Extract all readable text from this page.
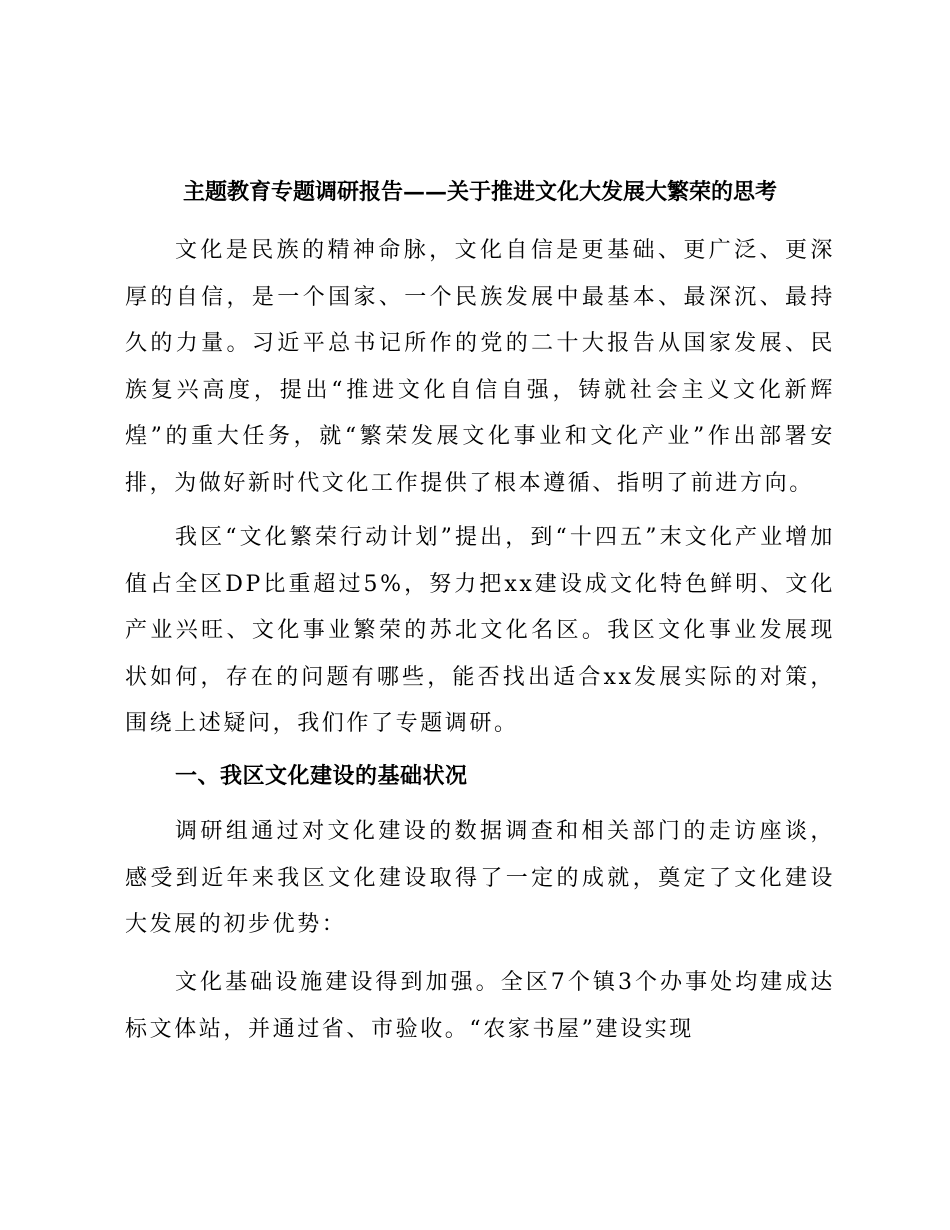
主题教育专题调研报告——关于推进文化大发展大繁荣的思考

文化是民族的精神命脉，文化自信是更基础、更广泛、更深厚的自信，是一个国家、一个民族发展中最基本、最深沉、最持久的力量。习近平总书记所作的党的二十大报告从国家发展、民族复兴高度，提出“推进文化自信自强，铸就社会主义文化新辉煌”的重大任务，就“繁荣发展文化事业和文化产业”作出部署安排，为做好新时代文化工作提供了根本遵循、指明了前进方向。

我区“文化繁荣行动计划”提出，到“十四五”末文化产业增加值占全区DP比重超过5%，努力把xx建设成文化特色鲜明、文化产业兴旺、文化事业繁荣的苏北文化名区。我区文化事业发展现状如何，存在的问题有哪些，能否找出适合xx发展实际的对策，围绕上述疑问，我们作了专题调研。

一、我区文化建设的基础状况

调研组通过对文化建设的数据调查和相关部门的走访座谈，感受到近年来我区文化建设取得了一定的成就，奠定了文化建设大发展的初步优势：

文化基础设施建设得到加强。全区7个镇3个办事处均建成达标文体站，并通过省、市验收。“农家书屋”建设实现
